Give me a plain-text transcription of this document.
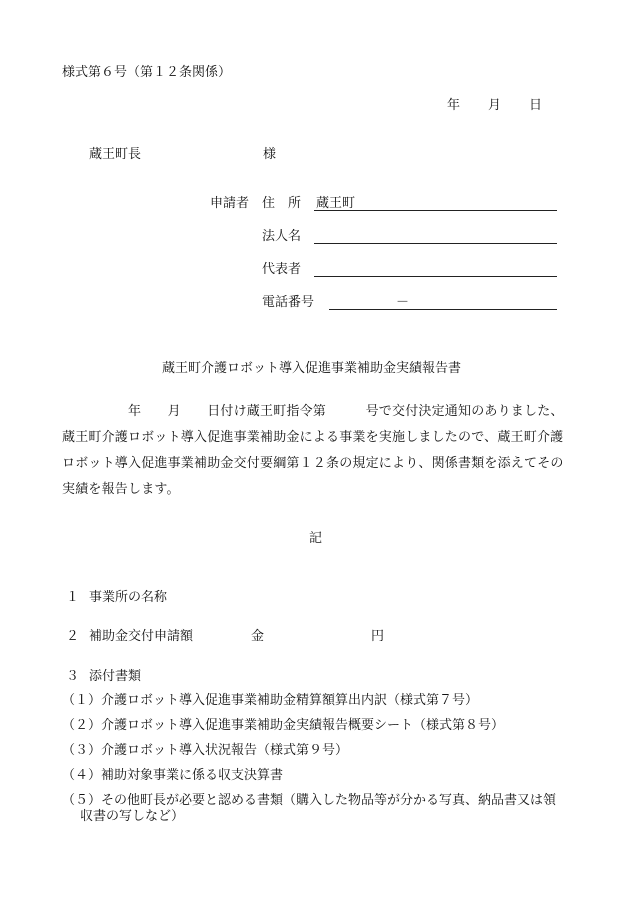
様式第６号（第１２条関係）
年 月 日
蔵王町長	様
申請者 住　所 蔵王町
法人名
代表者
電話番号	－
蔵王町介護ロボット導入促進事業補助金実績報告書
年　　月　　日付け蔵王町指令第　　　号で交付決定通知のありました、
蔵王町介護ロボット導入促進事業補助金による事業を実施しましたので、蔵王町介護
ロボット導入促進事業補助金交付要綱第１２条の規定により、関係書類を添えてその
実績を報告します。
記
１ 事業所の名称
２ 補助金交付申請額	金	円
３ 添付書類
（１）介護ロボット導入促進事業補助金精算額算出内訳（様式第７号）
（２）介護ロボット導入促進事業補助金実績報告概要シート（様式第８号）
（３）介護ロボット導入状況報告（様式第９号）
（４）補助対象事業に係る収支決算書
（５）その他町長が必要と認める書類（購入した物品等が分かる写真、納品書又は領
収書の写しなど）
